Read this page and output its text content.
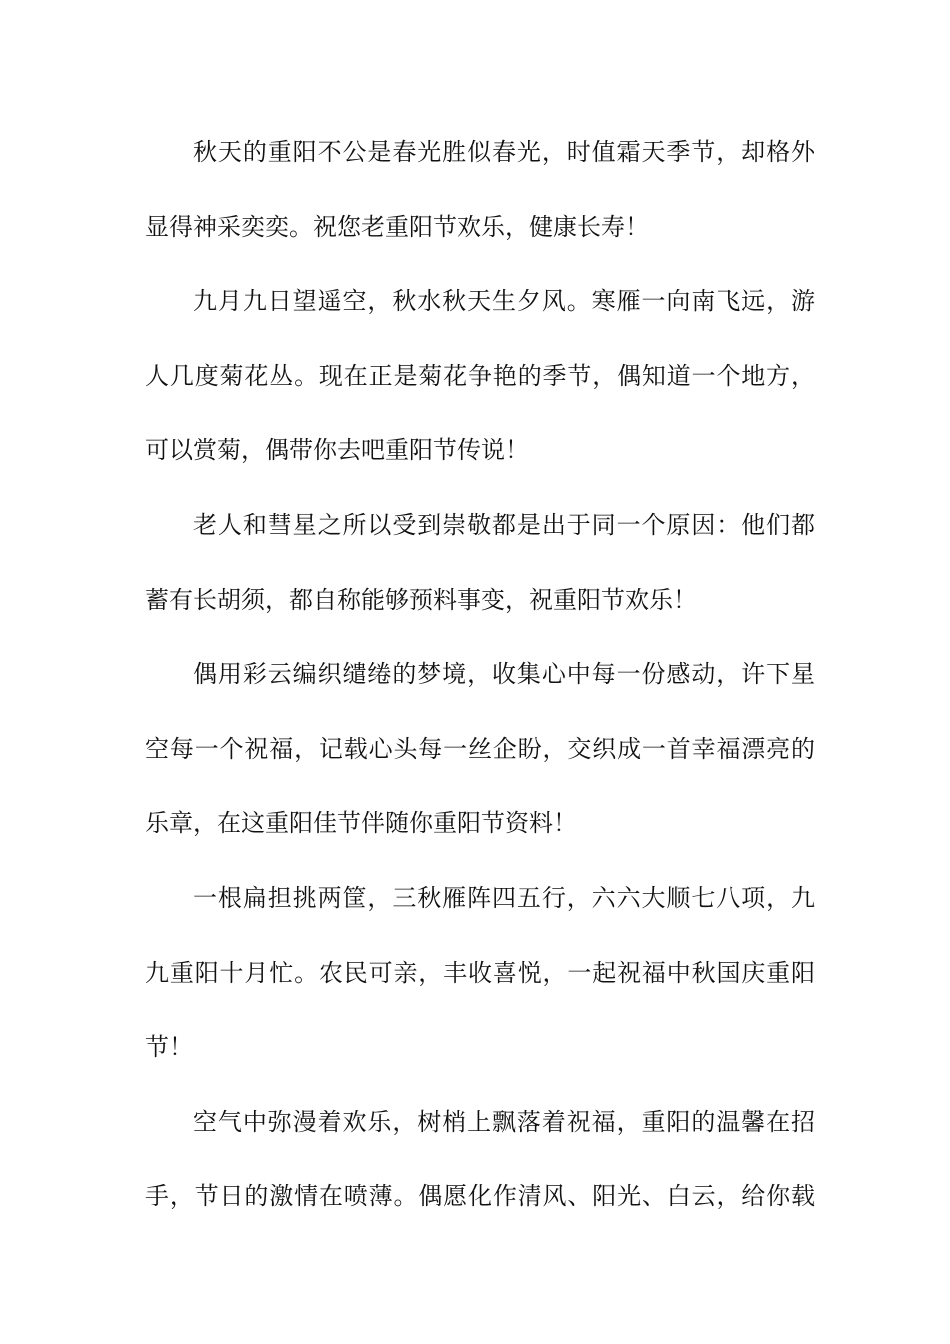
秋天的重阳不公是春光胜似春光，时值霜天季节，却格外
显得神采奕奕。祝您老重阳节欢乐，健康长寿！
九月九日望遥空，秋水秋天生夕风。寒雁一向南飞远，游
人几度菊花丛。现在正是菊花争艳的季节，偶知道一个地方，
可以赏菊，偶带你去吧重阳节传说！
老人和彗星之所以受到崇敬都是出于同一个原因：他们都
蓄有长胡须，都自称能够预料事变，祝重阳节欢乐！
偶用彩云编织缱绻的梦境，收集心中每一份感动，许下星
空每一个祝福，记载心头每一丝企盼，交织成一首幸福漂亮的
乐章，在这重阳佳节伴随你重阳节资料！
一根扁担挑两筐，三秋雁阵四五行，六六大顺七八项，九
九重阳十月忙。农民可亲，丰收喜悦，一起祝福中秋国庆重阳
节！
空气中弥漫着欢乐，树梢上飘落着祝福，重阳的温馨在招
手，节日的激情在喷薄。偶愿化作清风、阳光、白云，给你载
